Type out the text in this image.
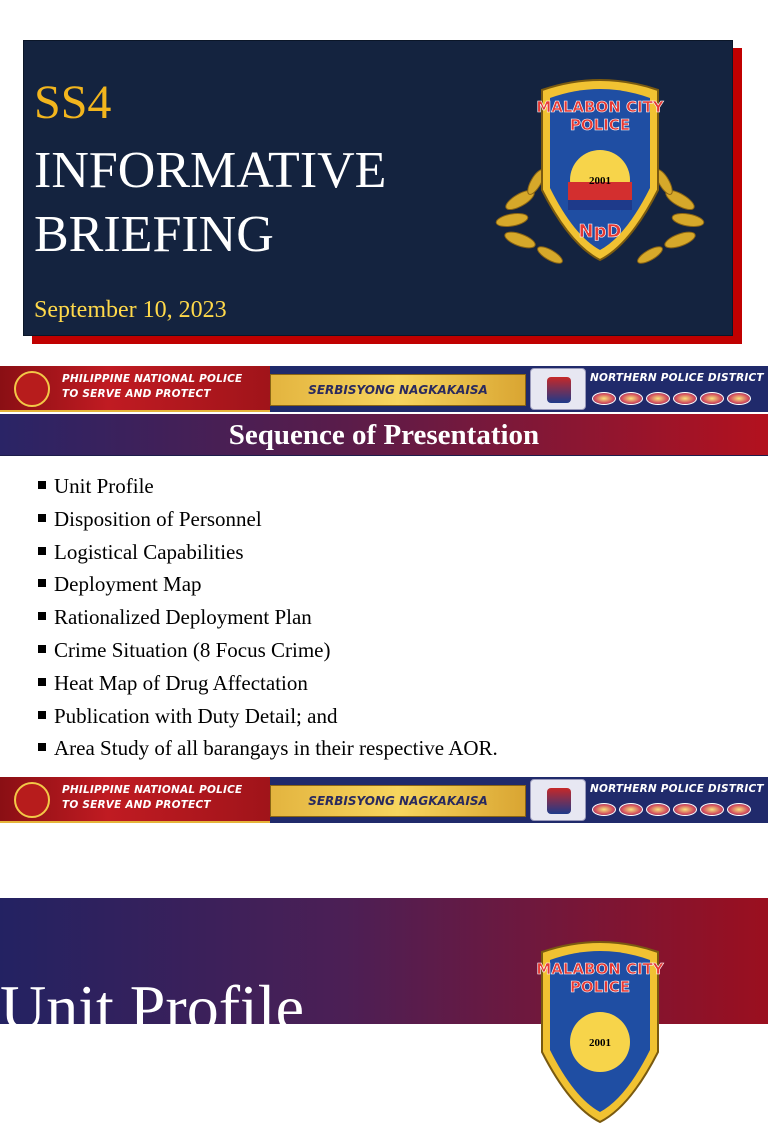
SS4
INFORMATIVE
BRIEFING
September 10, 2023
MALABON CITY
POLICE
2001
NpD
PHILIPPINE NATIONAL POLICE
TO SERVE AND PROTECT	SERBISYONG NAGKAKAISA
NORTHERN POLICE DISTRICT
Sequence of Presentation
Unit Profile
Disposition of Personnel
Logistical Capabilities
Deployment Map
Rationalized Deployment Plan
Crime Situation (8 Focus Crime)
Heat Map of Drug Affectation
Publication with Duty Detail; and
Area Study of all barangays in their respective AOR.
PHILIPPINE NATIONAL POLICE
TO SERVE AND PROTECT	SERBISYONG NAGKAKAISA
NORTHERN POLICE DISTRICT
Unit Profile
MALABON CITY
POLICE
2001
